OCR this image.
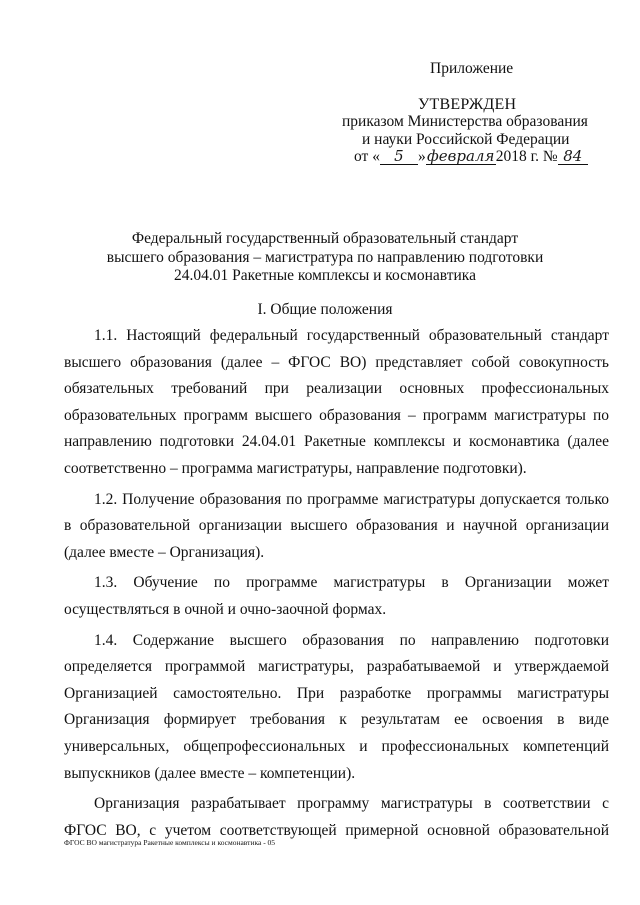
Приложение
УТВЕРЖДЕН
приказом Министерства образования
и науки Российской Федерации
от « 5 »февраля2018 г. № 84
Федеральный государственный образовательный стандарт
высшего образования – магистратура по направлению подготовки
24.04.01 Ракетные комплексы и космонавтика
I. Общие положения

1.1. Настоящий федеральный государственный образовательный стандарт высшего образования (далее – ФГОС ВО) представляет собой совокупность обязательных требований при реализации основных профессиональных образовательных программ высшего образования – программ магистратуры по направлению подготовки 24.04.01 Ракетные комплексы и космонавтика (далее соответственно – программа магистратуры, направление подготовки).

1.2. Получение образования по программе магистратуры допускается только в образовательной организации высшего образования и научной организации (далее вместе – Организация).

1.3. Обучение по программе магистратуры в Организации может осуществляться в очной и очно-заочной формах.

1.4. Содержание высшего образования по направлению подготовки определяется программой магистратуры, разрабатываемой и утверждаемой Организацией самостоятельно. При разработке программы магистратуры Организация формирует требования к результатам ее освоения в виде универсальных, общепрофессиональных и профессиональных компетенций выпускников (далее вместе – компетенции).

Организация разрабатывает программу магистратуры в соответствии с ФГОС ВО, с учетом соответствующей примерной основной образовательной

ФГОС ВО магистратура Ракетные комплексы и космонавтика - 05
